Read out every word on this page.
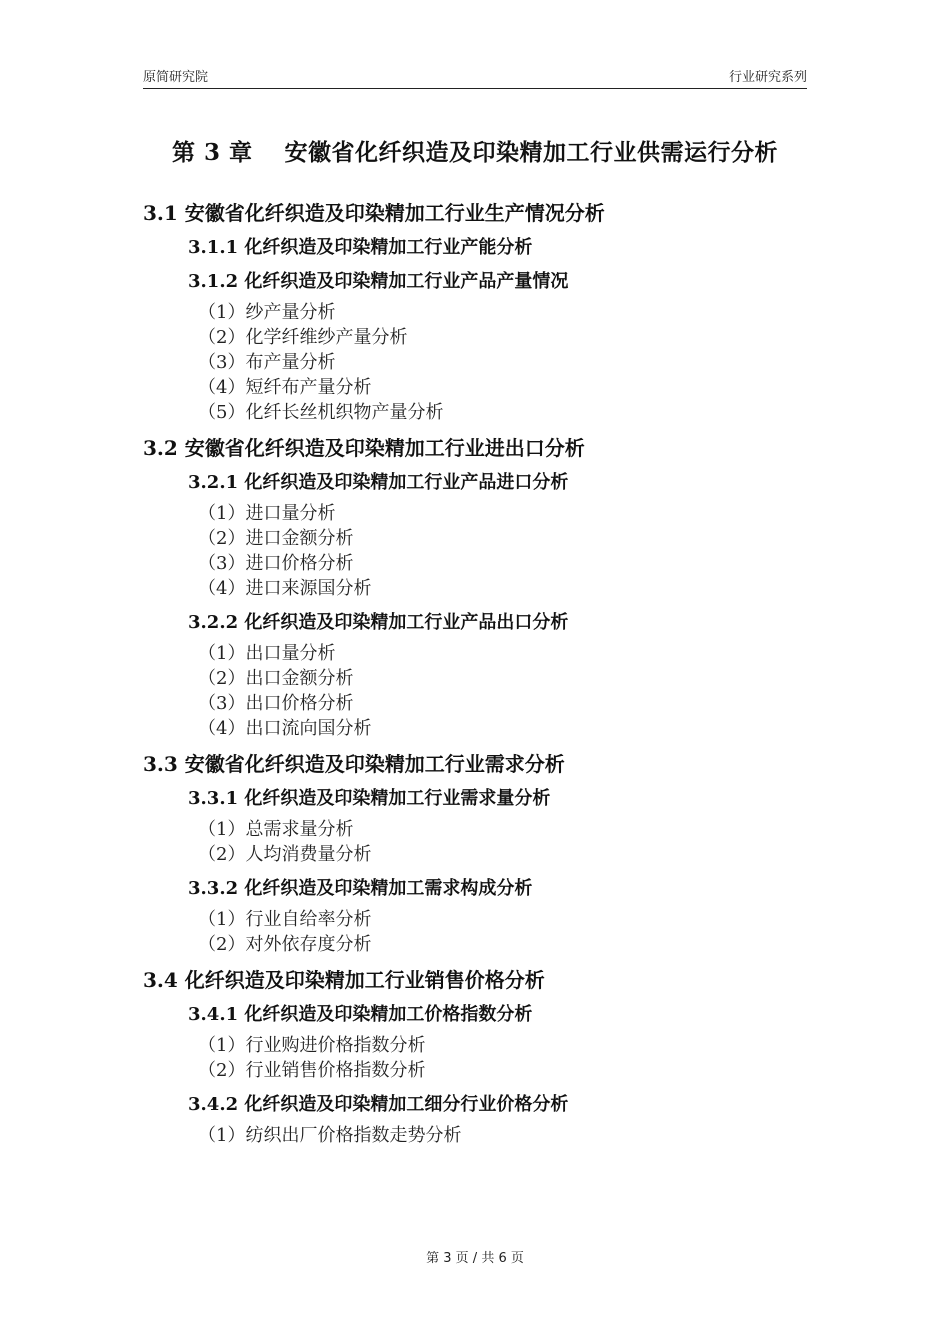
原简研究院	行业研究系列
第 3 章　 安徽省化纤织造及印染精加工行业供需运行分析

3.1 安徽省化纤织造及印染精加工行业生产情况分析

3.1.1 化纤织造及印染精加工行业产能分析

3.1.2 化纤织造及印染精加工行业产品产量情况

（1）纱产量分析

（2）化学纤维纱产量分析

（3）布产量分析

（4）短纤布产量分析

（5）化纤长丝机织物产量分析

3.2 安徽省化纤织造及印染精加工行业进出口分析

3.2.1 化纤织造及印染精加工行业产品进口分析

（1）进口量分析

（2）进口金额分析

（3）进口价格分析

（4）进口来源国分析

3.2.2 化纤织造及印染精加工行业产品出口分析

（1）出口量分析

（2）出口金额分析

（3）出口价格分析

（4）出口流向国分析

3.3 安徽省化纤织造及印染精加工行业需求分析

3.3.1 化纤织造及印染精加工行业需求量分析

（1）总需求量分析

（2）人均消费量分析

3.3.2 化纤织造及印染精加工需求构成分析

（1）行业自给率分析

（2）对外依存度分析

3.4 化纤织造及印染精加工行业销售价格分析

3.4.1 化纤织造及印染精加工价格指数分析

（1）行业购进价格指数分析

（2）行业销售价格指数分析

3.4.2 化纤织造及印染精加工细分行业价格分析

（1）纺织出厂价格指数走势分析

第 3 页 / 共 6 页
